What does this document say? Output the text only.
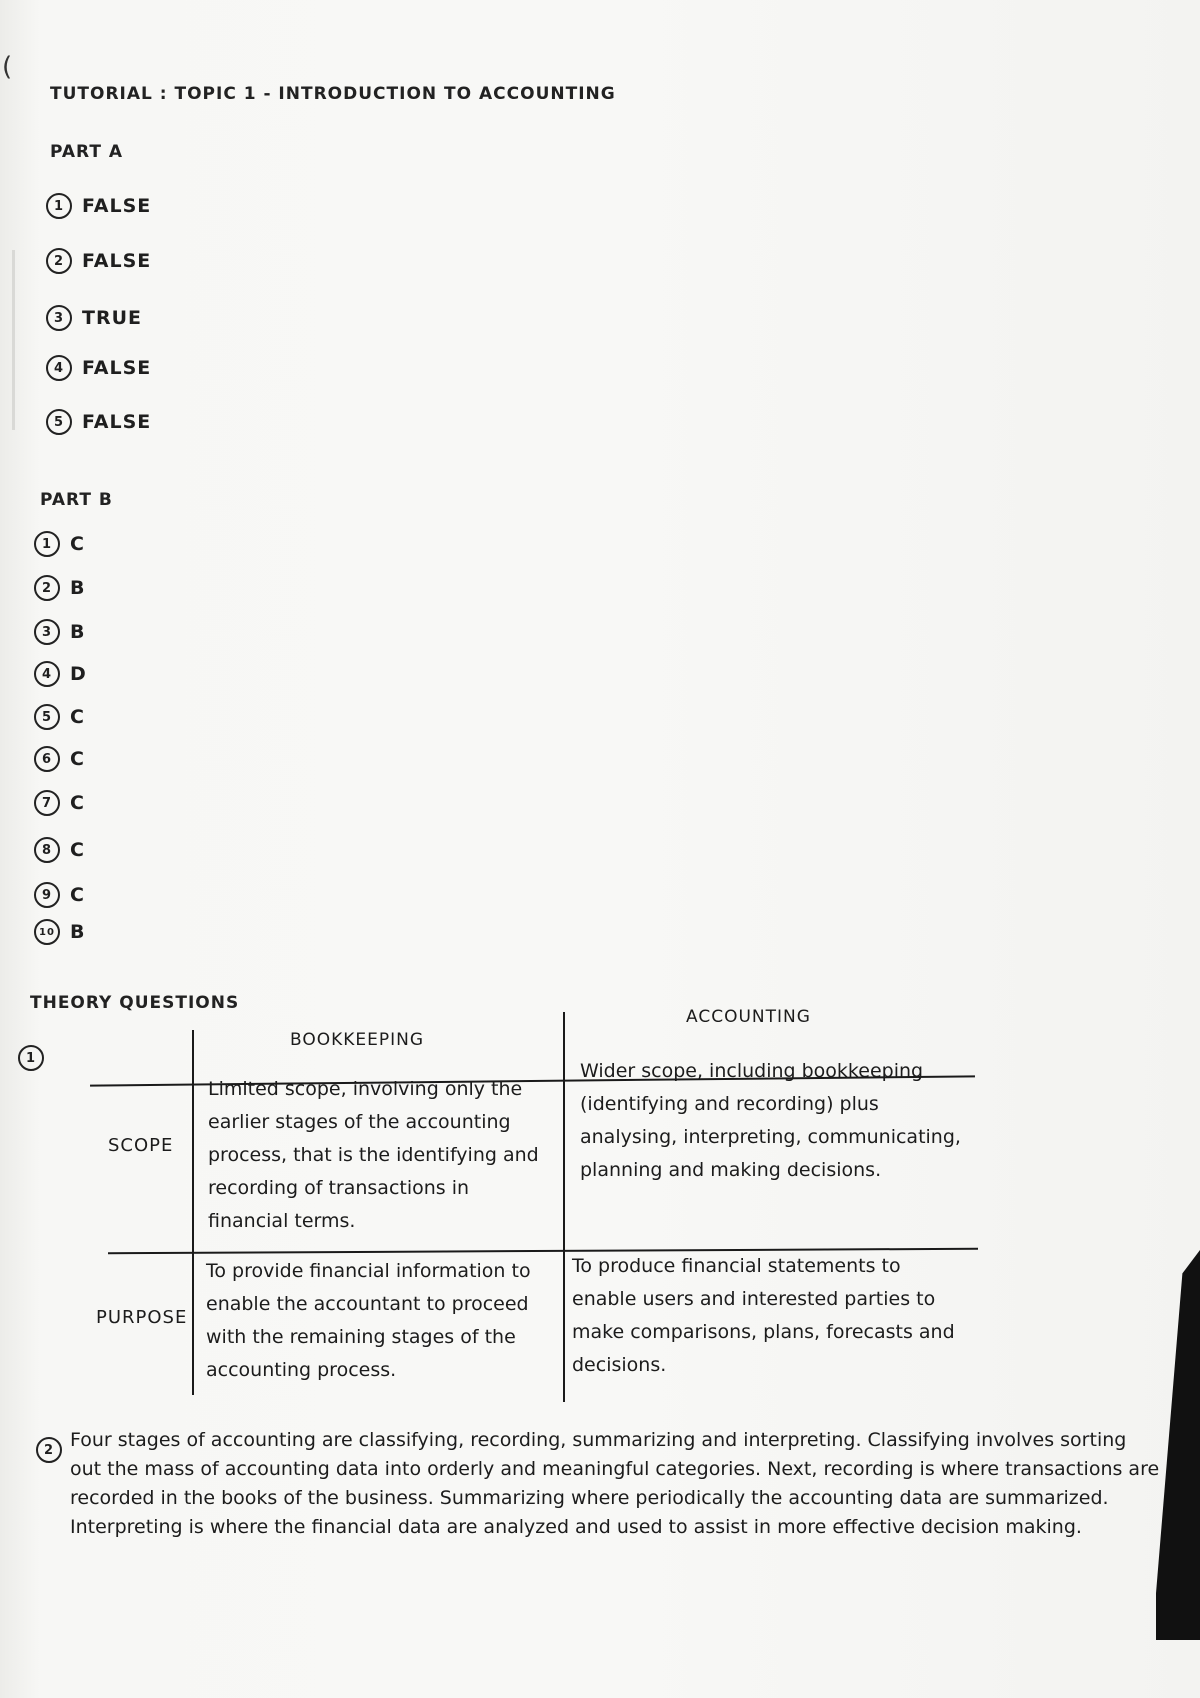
(
TUTORIAL : TOPIC 1 - INTRODUCTION TO ACCOUNTING
PART A
1 FALSE
2 FALSE
3 TRUE
4 FALSE
5 FALSE
PART B
1 C
2 B
3 B
4 D
5 C
6 C
7 C
8 C
9 C
10 B
THEORY QUESTIONS
1
BOOKKEEPING
ACCOUNTING
SCOPE
PURPOSE
Limited scope, involving only the earlier stages of the accounting process, that is the identifying and recording of transactions in financial terms.
Wider scope, including bookkeeping (identifying and recording) plus analysing, interpreting, communicating, planning and making decisions.
To provide financial information to enable the accountant to proceed with the remaining stages of the accounting process.
To produce financial statements to enable users and interested parties to make comparisons, plans, forecasts and decisions.
2 Four stages of accounting are classifying, recording, summarizing and interpreting. Classifying involves sorting out the mass of accounting data into orderly and meaningful categories. Next, recording is where transactions are recorded in the books of the business. Summarizing where periodically the accounting data are summarized. Interpreting is where the financial data are analyzed and used to assist in more effective decision making.
